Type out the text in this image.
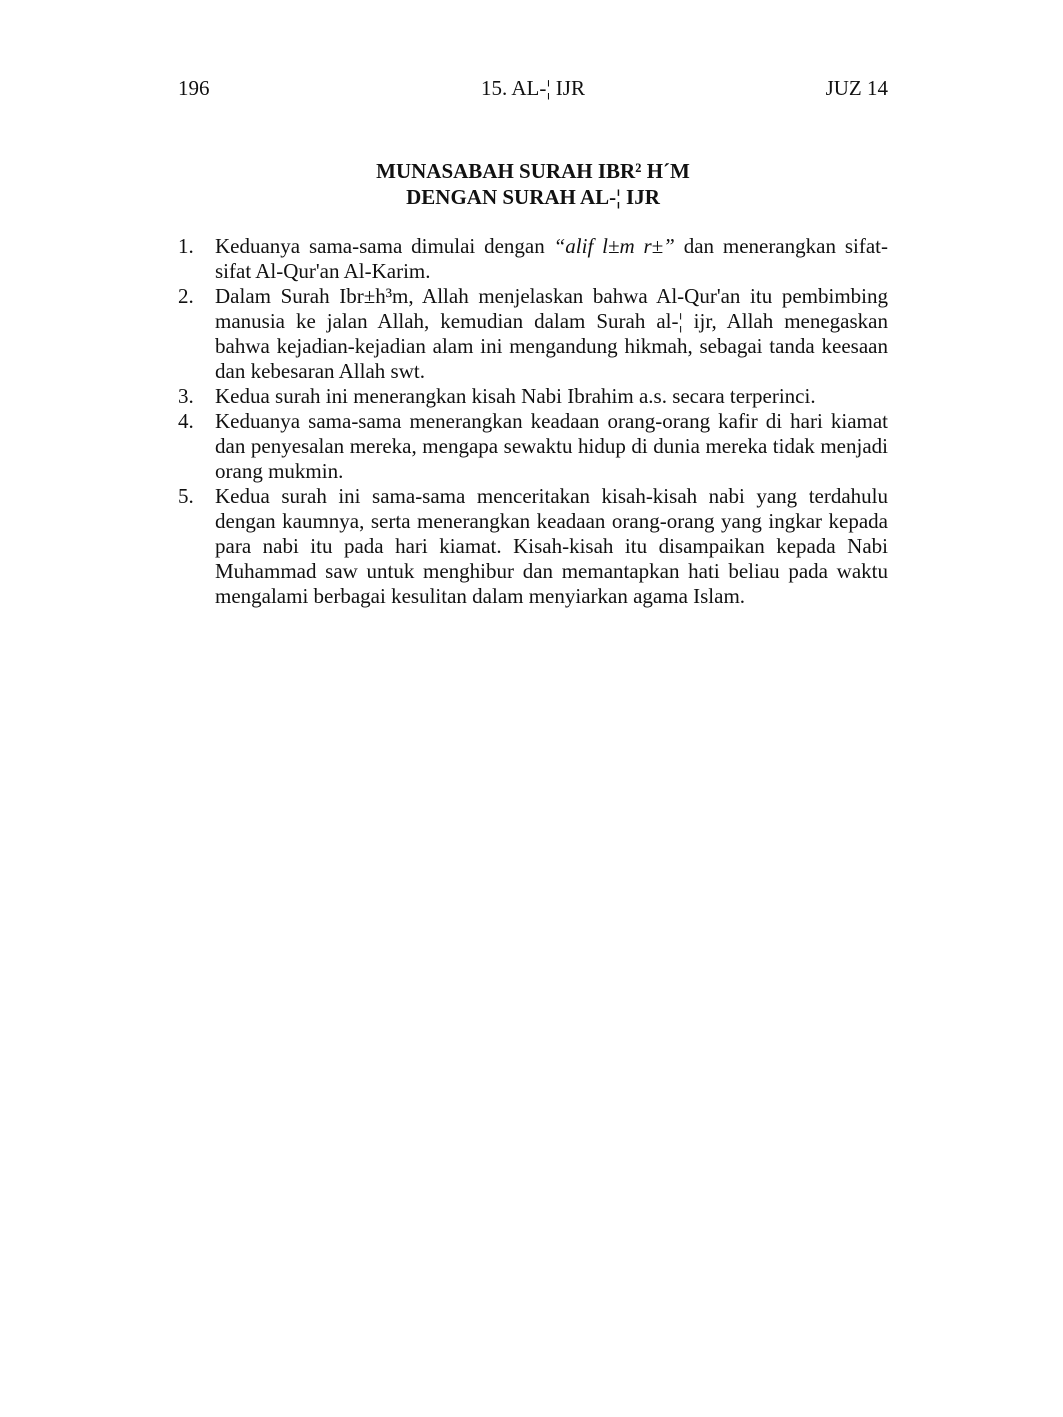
196	15. AL-¦ IJR	JUZ 14
MUNASABAH SURAH IBR² H´M
DENGAN SURAH AL-¦ IJR
1. Keduanya sama-sama dimulai dengan “alif l±m r±” dan menerangkan sifat-sifat Al-Qur'an Al-Karim.
2. Dalam Surah Ibr±h³m, Allah menjelaskan bahwa Al-Qur'an itu pembimbing manusia ke jalan Allah, kemudian dalam Surah al-¦ ijr, Allah menegaskan bahwa kejadian-kejadian alam ini mengandung hikmah, sebagai tanda keesaan dan kebesaran Allah swt.
3. Kedua surah ini menerangkan kisah Nabi Ibrahim a.s. secara terperinci.
4. Keduanya sama-sama menerangkan keadaan orang-orang kafir di hari kiamat dan penyesalan mereka, mengapa sewaktu hidup di dunia mereka tidak menjadi orang mukmin.
5. Kedua surah ini sama-sama menceritakan kisah-kisah nabi yang terdahulu dengan kaumnya, serta menerangkan keadaan orang-orang yang ingkar kepada para nabi itu pada hari kiamat. Kisah-kisah itu disampaikan kepada Nabi Muhammad saw untuk menghibur dan memantapkan hati beliau pada waktu mengalami berbagai kesulitan dalam menyiarkan agama Islam.
